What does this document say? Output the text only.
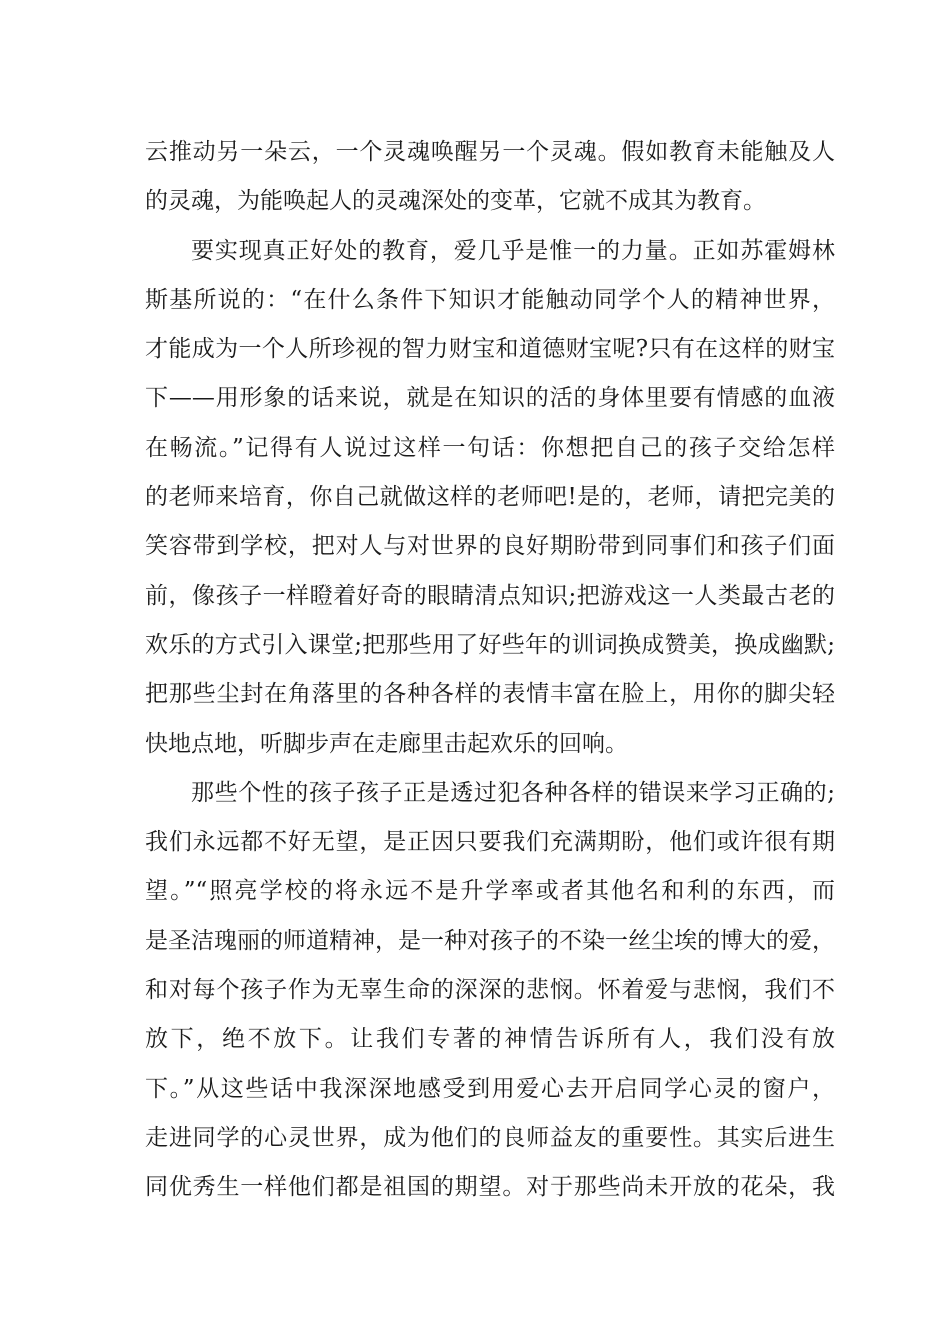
云推动另一朵云，一个灵魂唤醒另一个灵魂。假如教育未能触及人
的灵魂，为能唤起人的灵魂深处的变革，它就不成其为教育。
要实现真正好处的教育，爱几乎是惟一的力量。正如苏霍姆林
斯基所说的：“在什么条件下知识才能触动同学个人的精神世界，
才能成为一个人所珍视的智力财宝和道德财宝呢?只有在这样的财宝
下——用形象的话来说，就是在知识的活的身体里要有情感的血液
在畅流。”记得有人说过这样一句话：你想把自己的孩子交给怎样
的老师来培育，你自己就做这样的老师吧!是的，老师，请把完美的
笑容带到学校，把对人与对世界的良好期盼带到同事们和孩子们面
前，像孩子一样瞪着好奇的眼睛清点知识;把游戏这一人类最古老的
欢乐的方式引入课堂;把那些用了好些年的训词换成赞美，换成幽默;
把那些尘封在角落里的各种各样的表情丰富在脸上，用你的脚尖轻
快地点地，听脚步声在走廊里击起欢乐的回响。
那些个性的孩子孩子正是透过犯各种各样的错误来学习正确的;
我们永远都不好无望，是正因只要我们充满期盼，他们或许很有期
望。”“照亮学校的将永远不是升学率或者其他名和利的东西，而
是圣洁瑰丽的师道精神，是一种对孩子的不染一丝尘埃的博大的爱，
和对每个孩子作为无辜生命的深深的悲悯。怀着爱与悲悯，我们不
放下，绝不放下。让我们专著的神情告诉所有人，我们没有放
下。”从这些话中我深深地感受到用爱心去开启同学心灵的窗户，
走进同学的心灵世界，成为他们的良师益友的重要性。其实后进生
同优秀生一样他们都是祖国的期望。对于那些尚未开放的花朵，我
